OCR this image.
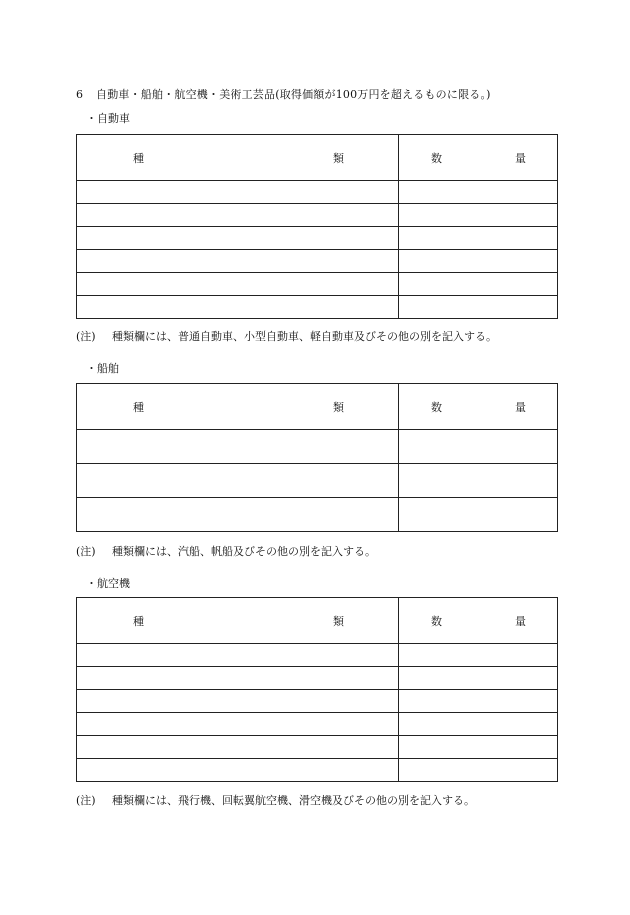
6 自動車・船舶・航空機・美術工芸品(取得価額が100万円を超えるものに限る。)
・自動車
種 類	数 量

(注) 種類欄には、普通自動車、小型自動車、軽自動車及びその他の別を記入する。
・船舶
種 類	数 量

(注) 種類欄には、汽船、帆船及びその他の別を記入する。
・航空機
種 類	数 量

(注) 種類欄には、飛行機、回転翼航空機、滑空機及びその他の別を記入する。
